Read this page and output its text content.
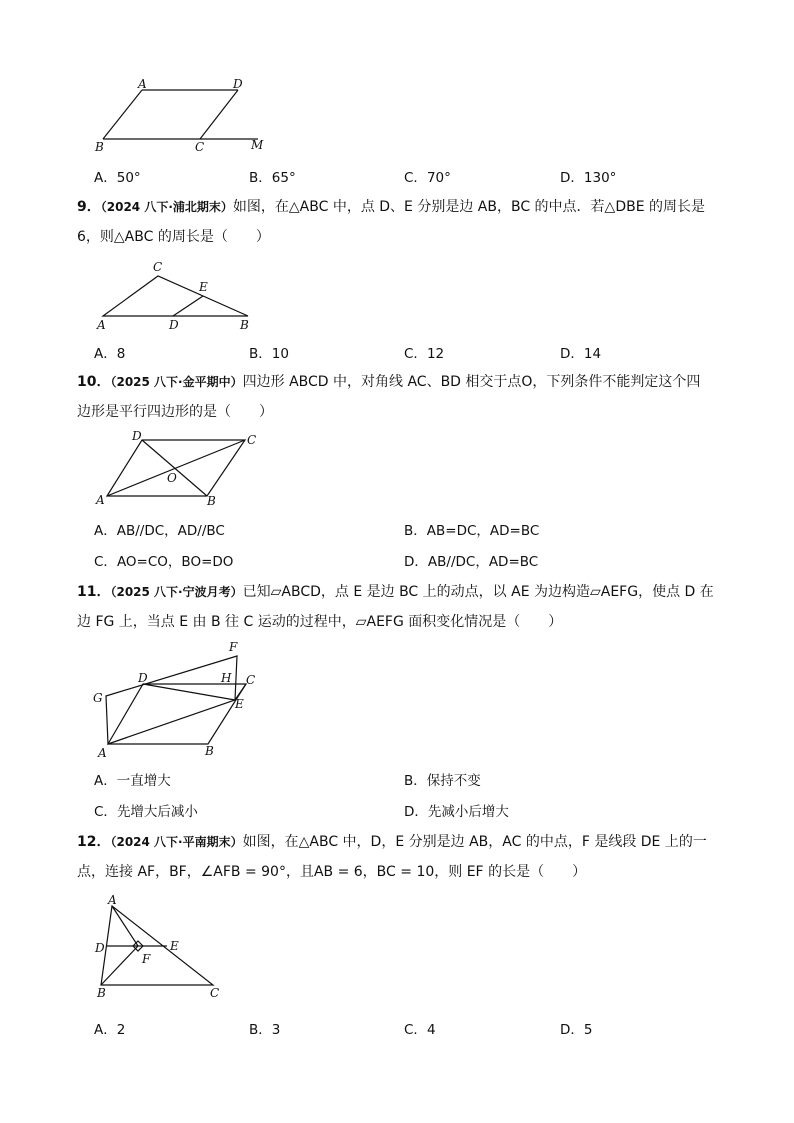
A	D
B	C	M
A．50°	B．65°	C．70°	D．130°
9．（2024 八下·浦北期末）如图，在△ABC 中，点 D、E 分别是边 AB，BC 的中点．若△DBE 的周长是
6，则△ABC 的周长是（　　）
C
E
A	D	B
A．8	B．10	C．12	D．14
10．（2025 八下·金平期中）四边形 ABCD 中，对角线 AC、BD 相交于点O，下列条件不能判定这个四
边形是平行四边形的是（　　）
D	C
O
A	B
A．AB//DC，AD//BC	B．AB=DC，AD=BC
C．AO=CO，BO=DO	D．AB//DC，AD=BC
11．（2025 八下·宁波月考）已知▱ABCD，点 E 是边 BC 上的动点，以 AE 为边构造▱AEFG，使点 D 在
边 FG 上，当点 E 由 B 往 C 运动的过程中，▱AEFG 面积变化情况是（　　）
F
D	H C
G	E
A	B
A．一直增大	B．保持不变
C．先增大后减小	D．先减小后增大
12．（2024 八下·平南期末）如图，在△ABC 中，D，E 分别是边 AB，AC 的中点，F 是线段 DE 上的一
点，连接 AF，BF，∠AFB = 90°，且AB = 6，BC = 10，则 EF 的长是（　　）
A
D	E
F
B	C
A．2	B．3	C．4	D．5
